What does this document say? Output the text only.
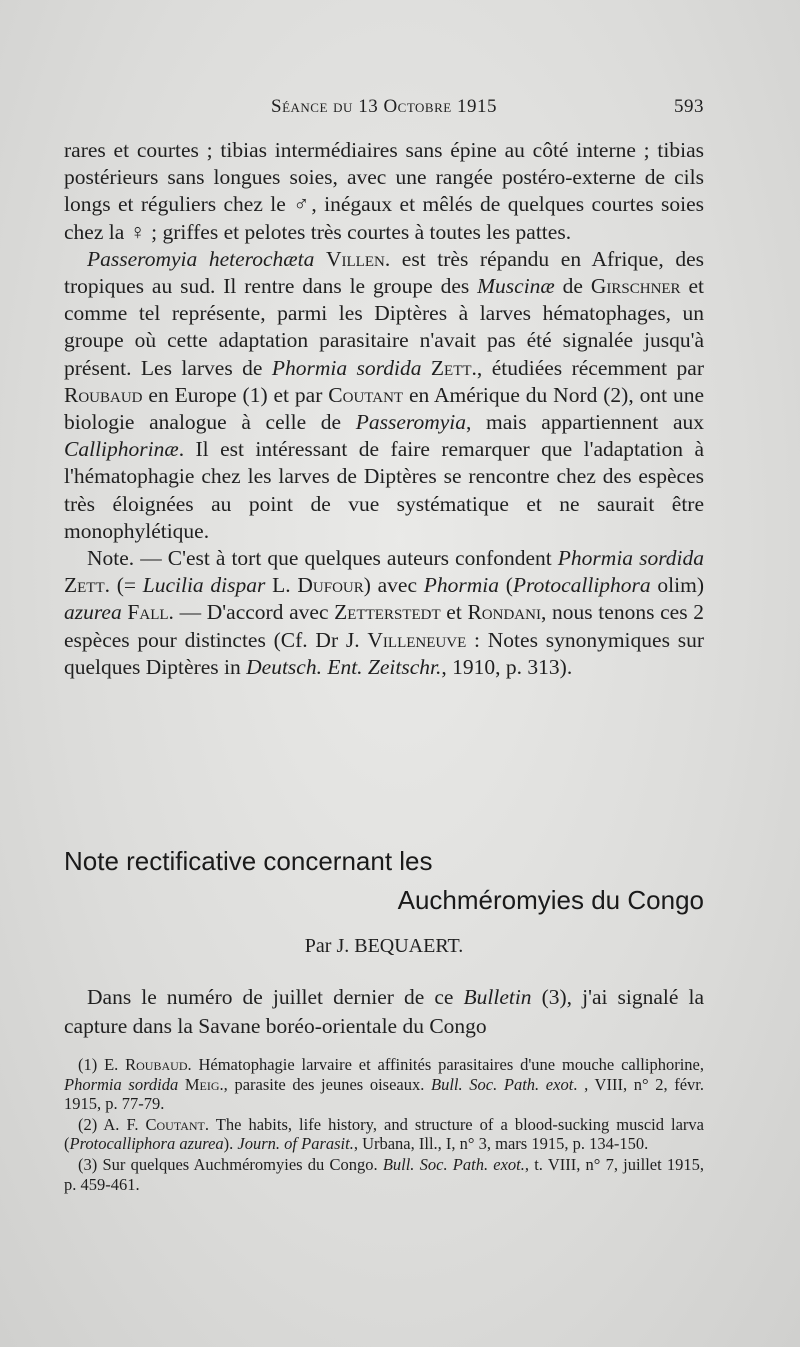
Séance du 13 Octobre 1915	593

rares et courtes ; tibias intermédiaires sans épine au côté interne ; tibias postérieurs sans longues soies, avec une rangée postéro-externe de cils longs et réguliers chez le ♂, inégaux et mêlés de quelques courtes soies chez la ♀ ; griffes et pelotes très courtes à toutes les pattes.

Passeromyia heterochæta Villen. est très répandu en Afrique, des tropiques au sud. Il rentre dans le groupe des Muscinæ de Girschner et comme tel représente, parmi les Diptères à larves hématophages, un groupe où cette adaptation parasitaire n'avait pas été signalée jusqu'à présent. Les larves de Phormia sordida Zett., étudiées récemment par Roubaud en Europe (1) et par Coutant en Amérique du Nord (2), ont une biologie analogue à celle de Passeromyia, mais appartiennent aux Calliphorinæ. Il est intéressant de faire remarquer que l'adaptation à l'hématophagie chez les larves de Diptères se rencontre chez des espèces très éloignées au point de vue systématique et ne saurait être monophylétique.

Note. — C'est à tort que quelques auteurs confondent Phormia sordida Zett. (= Lucilia dispar L. Dufour) avec Phormia (Protocalliphora olim) azurea Fall. — D'accord avec Zetterstedt et Rondani, nous tenons ces 2 espèces pour distinctes (Cf. Dr J. Villeneuve : Notes synonymiques sur quelques Diptères in Deutsch. Ent. Zeitschr., 1910, p. 313).

Note rectificative concernant les
Auchméromyies du Congo
Par J. BEQUAERT.

Dans le numéro de juillet dernier de ce Bulletin (3), j'ai signalé la capture dans la Savane boréo-orientale du Congo

(1) E. Roubaud. Hématophagie larvaire et affinités parasitaires d'une mouche calliphorine, Phormia sordida Meig., parasite des jeunes oiseaux. Bull. Soc. Path. exot. , VIII, n° 2, févr. 1915, p. 77-79.

(2) A. F. Coutant. The habits, life history, and structure of a blood-sucking muscid larva (Protocalliphora azurea). Journ. of Parasit., Urbana, Ill., I, n° 3, mars 1915, p. 134-150.

(3) Sur quelques Auchméromyies du Congo. Bull. Soc. Path. exot., t. VIII, n° 7, juillet 1915, p. 459-461.
